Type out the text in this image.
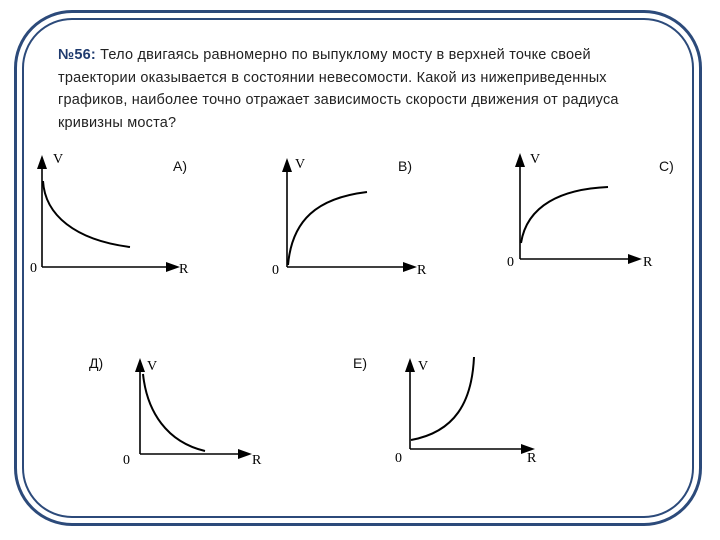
№56: Тело двигаясь равномерно по выпуклому мосту в верхней точке своей траектории оказывается в состоянии невесомости. Какой из нижеприведенных графиков, наиболее точно отражает зависимость скорости движения от радиуса кривизны моста?
А)	В)	С)
Д)	Е)
V
0	R
V
0	R
V
0	R
V
0	R
V
0	R
